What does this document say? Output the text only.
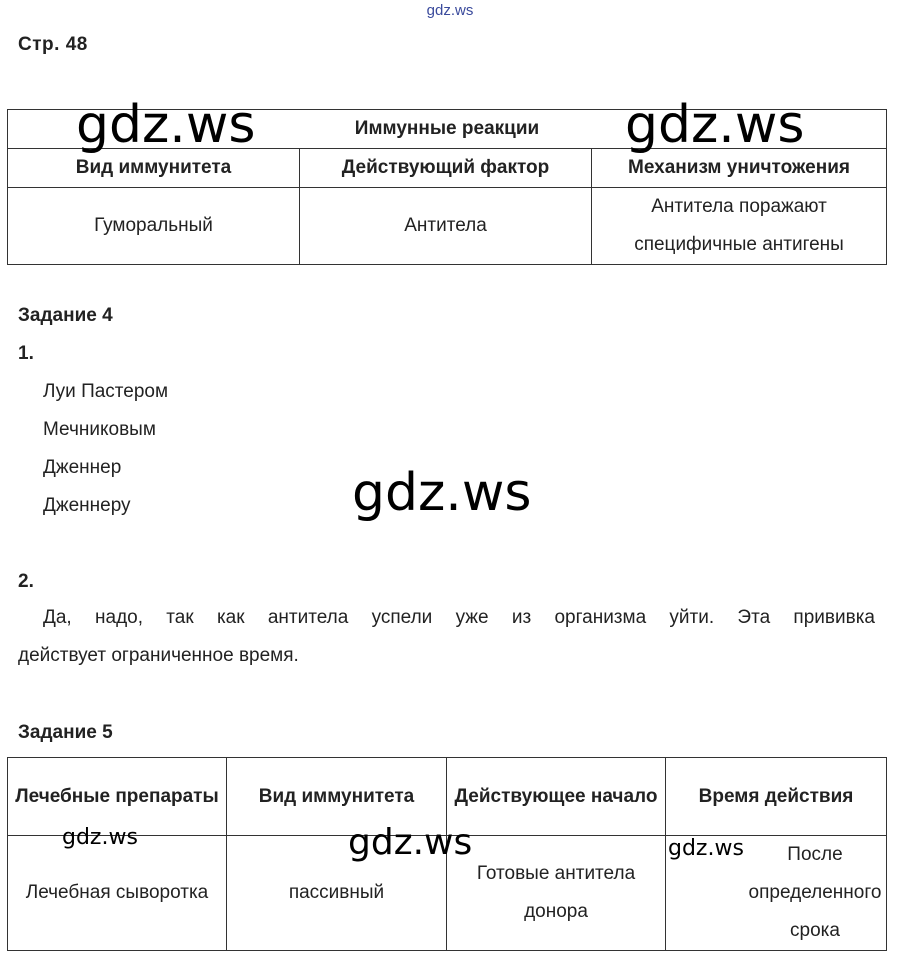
gdz.ws
Стр. 48
Иммунные реакции		
Вид иммунитета	Действующий фактор	Механизм уничтожения
Гуморальный	Антитела	Антитела поражают специфичные антигены
Задание 4
1.
Луи Пастером
Мечниковым
Дженнер
Дженнеру
2.
Да, надо, так как антитела успели уже из организма уйти. Эта прививка
действует ограниченное время.
Задание 5
Лечебные препараты	Вид иммунитета	Действующее начало	Время действия
Лечебная сыворотка	пассивный	Готовые антитела донора	После определенного срока
gdz.ws	gdz.ws
gdz.ws
gdz.ws
gdz.ws	gdz.ws
